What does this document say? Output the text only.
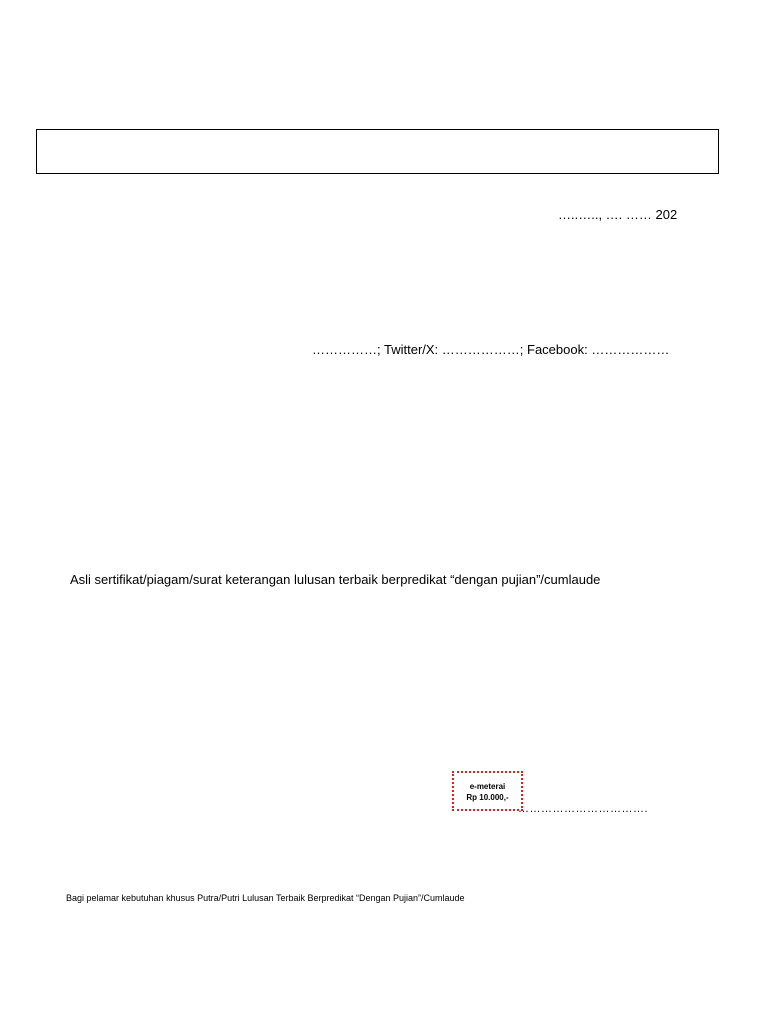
…..….., …. …… 202
……………; Twitter/X: ………………; Facebook: ………………
Asli sertifikat/piagam/surat keterangan lulusan terbaik berpredikat “dengan pujian”/cumlaude
e-meterai
Rp 10.000,-
…………………………….
Bagi pelamar kebutuhan khusus Putra/Putri Lulusan Terbaik Berpredikat “Dengan Pujian”/Cumlaude
